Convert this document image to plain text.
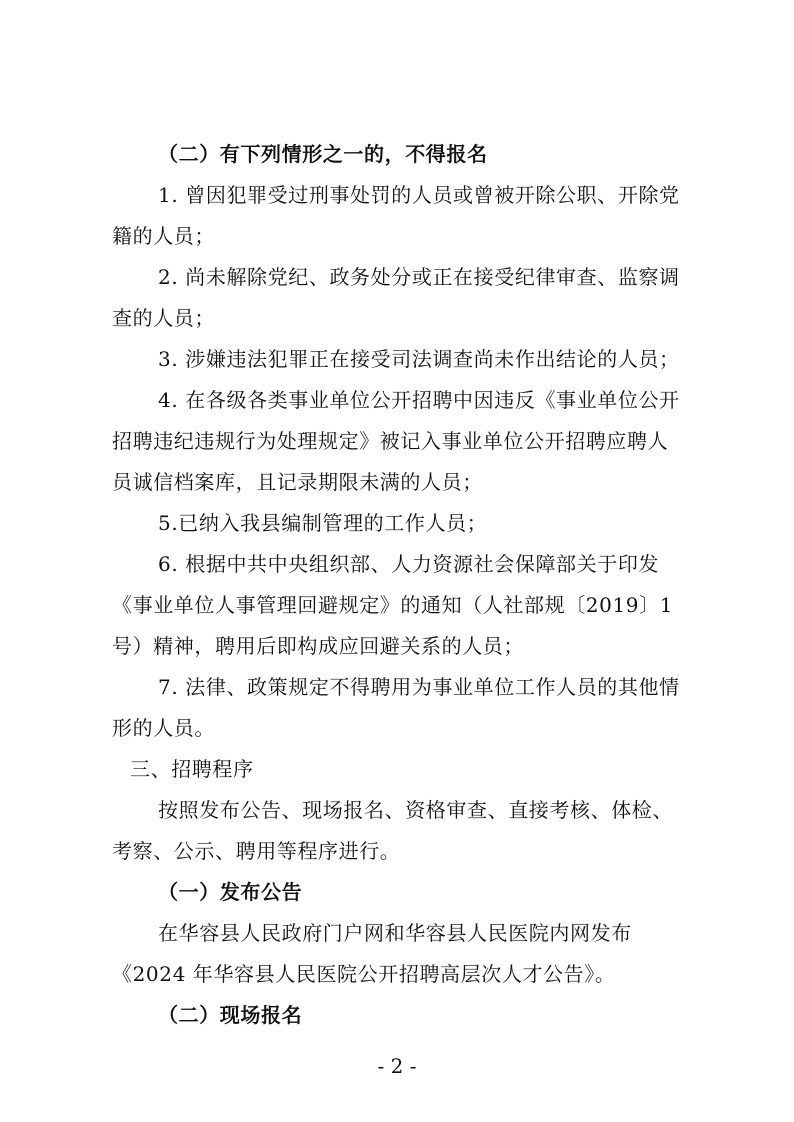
（二）有下列情形之一的，不得报名
1. 曾因犯罪受过刑事处罚的人员或曾被开除公职、开除党
籍的人员；
2. 尚未解除党纪、政务处分或正在接受纪律审查、监察调
查的人员；
3. 涉嫌违法犯罪正在接受司法调查尚未作出结论的人员；
4. 在各级各类事业单位公开招聘中因违反《事业单位公开
招聘违纪违规行为处理规定》被记入事业单位公开招聘应聘人
员诚信档案库，且记录期限未满的人员；
5.已纳入我县编制管理的工作人员；
6. 根据中共中央组织部、人力资源社会保障部关于印发
《事业单位人事管理回避规定》的通知（人社部规〔2019〕1
号）精神，聘用后即构成应回避关系的人员；
7. 法律、政策规定不得聘用为事业单位工作人员的其他情
形的人员。
三、招聘程序
按照发布公告、现场报名、资格审查、直接考核、体检、
考察、公示、聘用等程序进行。
（一）发布公告
在华容县人民政府门户网和华容县人民医院内网发布
《2024 年华容县人民医院公开招聘高层次人才公告》。
（二）现场报名
- 2 -
